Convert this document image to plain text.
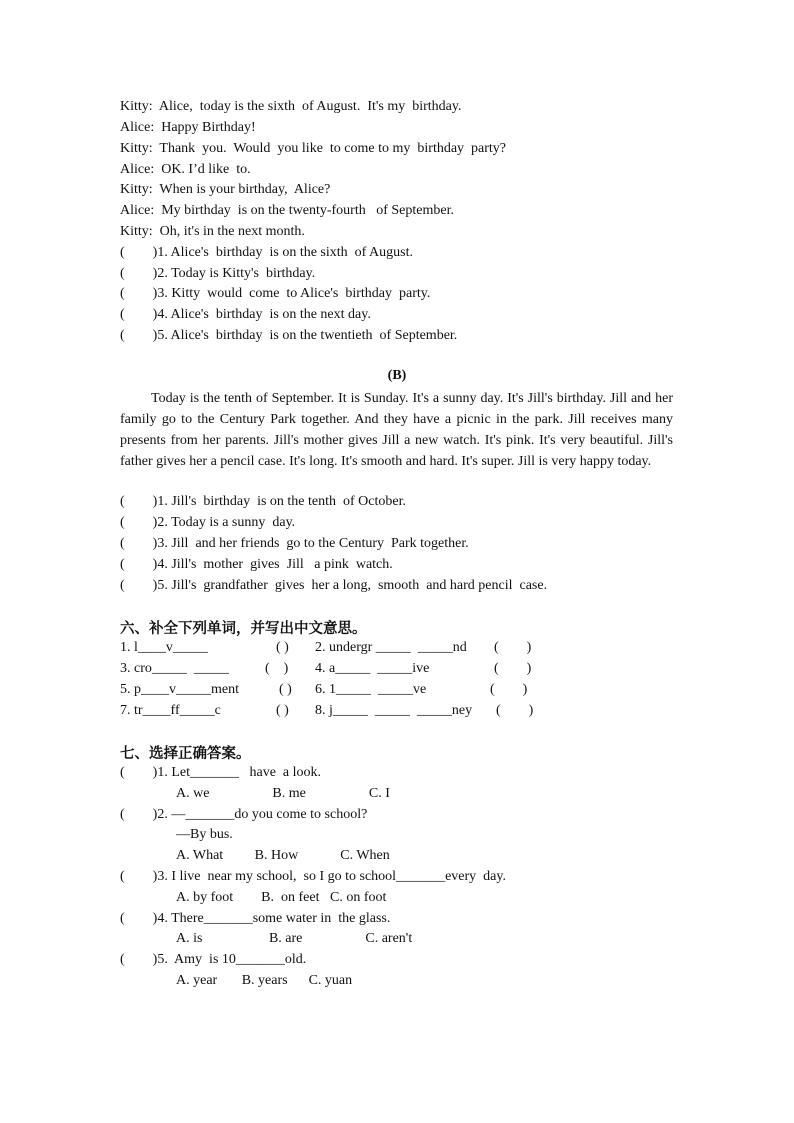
Kitty:  Alice,  today is the sixth  of August.  It's my  birthday.
Alice:  Happy Birthday!
Kitty:  Thank  you.  Would  you like  to come to my  birthday  party?
Alice:  OK. I’d like  to.
Kitty:  When is your birthday,  Alice?
Alice:  My birthday  is on the twenty-fourth   of September.
Kitty:  Oh, it's in the next month.
(        )1. Alice's  birthday  is on the sixth  of August.
(        )2. Today is Kitty's  birthday.
(        )3. Kitty  would  come  to Alice's  birthday  party.
(        )4. Alice's  birthday  is on the next day.
(        )5. Alice's  birthday  is on the twentieth  of September.
(B)
Today is the tenth of September. It is Sunday. It's a sunny day. It's Jill's birthday. Jill and her family go to the Century Park together. And they have a picnic in the park. Jill receives many presents from her parents. Jill's mother gives Jill a new watch. It's pink. It's very beautiful. Jill's father gives her a pencil case. It's long. It's smooth and hard. It's super. Jill is very happy today.
(        )1. Jill's  birthday  is on the tenth  of October.
(        )2. Today is a sunny  day.
(        )3. Jill  and her friends  go to the Century  Park together.
(        )4. Jill's  mother  gives  Jill   a pink  watch.
(        )5. Jill's  grandfather  gives  her a long,  smooth  and hard pencil  case.
六、补全下列单词，并写出中文意思。
1. l____v_____	( ) 2. undergr _____  _____nd (        )
3. cro_____  _____	(    ) 4. a_____  _____ive	(        )
5. p____v_____ment	( ) 6. 1_____  _____ve	(        )
7. tr____ff_____c	( ) 8. j_____  _____  _____ney (        )
七、选择正确答案。
(        )1. Let_______   have  a look.
A. we                  B. me                  C. I
(        )2. —_______do you come to school?
—By bus.
A. What         B. How            C. When
(        )3. I live  near my school,  so I go to school_______every  day.
A. by foot        B.  on feet   C. on foot
(        )4. There_______some water in  the glass.
A. is                   B. are                  C. aren't
(        )5.  Amy  is 10_______old.
A. year       B. years      C. yuan
